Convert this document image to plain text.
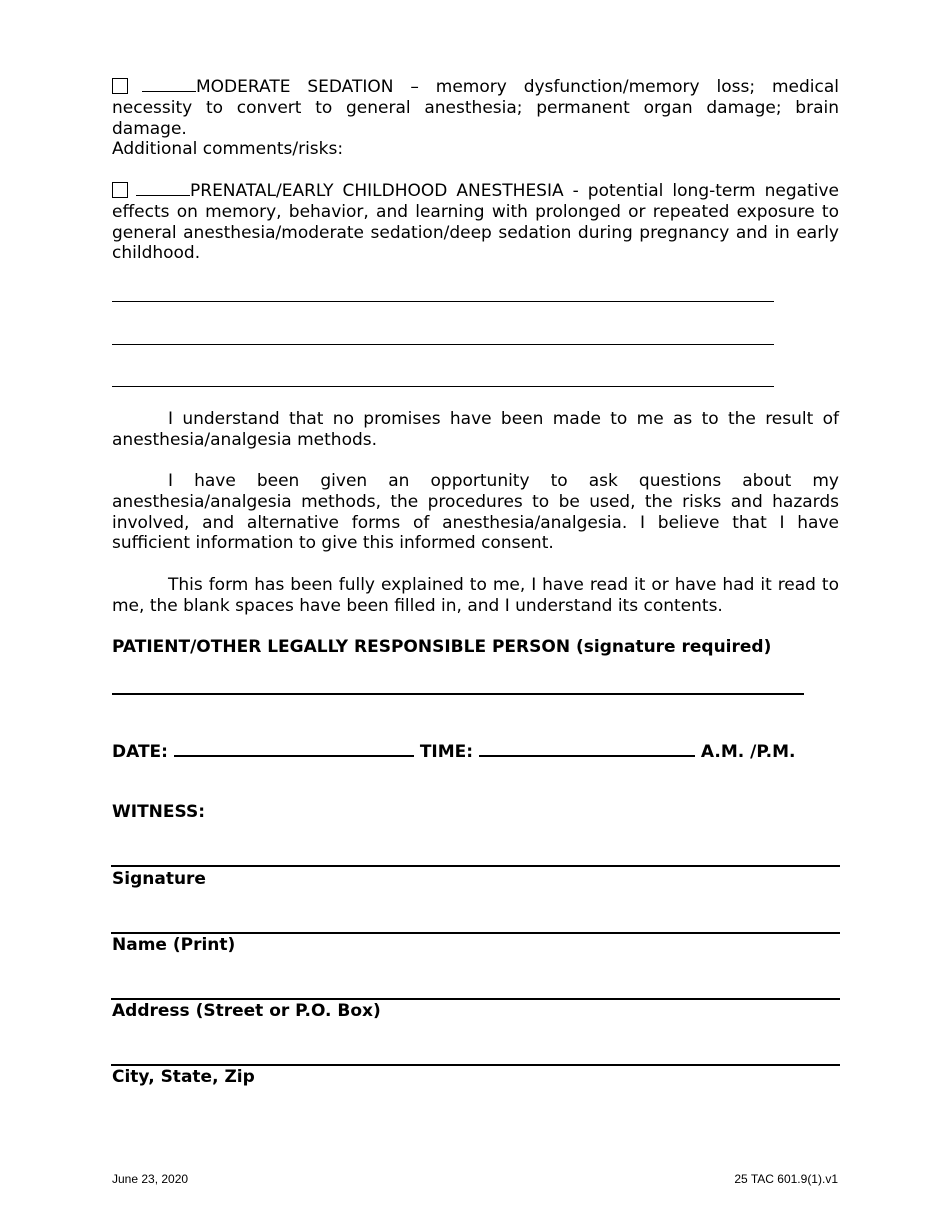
MODERATE SEDATION – memory dysfunction/memory loss; medical necessity to convert to general anesthesia; permanent organ damage; brain damage.
Additional comments/risks:
PRENATAL/EARLY CHILDHOOD ANESTHESIA - potential long-term negative effects on memory, behavior, and learning with prolonged or repeated exposure to general anesthesia/moderate sedation/deep sedation during pregnancy and in early childhood.
I understand that no promises have been made to me as to the result of anesthesia/analgesia methods.
I have been given an opportunity to ask questions about my anesthesia/analgesia methods, the procedures to be used, the risks and hazards involved, and alternative forms of anesthesia/analgesia. I believe that I have sufficient information to give this informed consent.
This form has been fully explained to me, I have read it or have had it read to me, the blank spaces have been filled in, and I understand its contents.
PATIENT/OTHER LEGALLY RESPONSIBLE PERSON (signature required)
DATE:	TIME:	A.M. /P.M.
WITNESS:
Signature
Name (Print)
Address (Street or P.O. Box)
City, State, Zip
June 23, 2020	25 TAC 601.9(1).v1
